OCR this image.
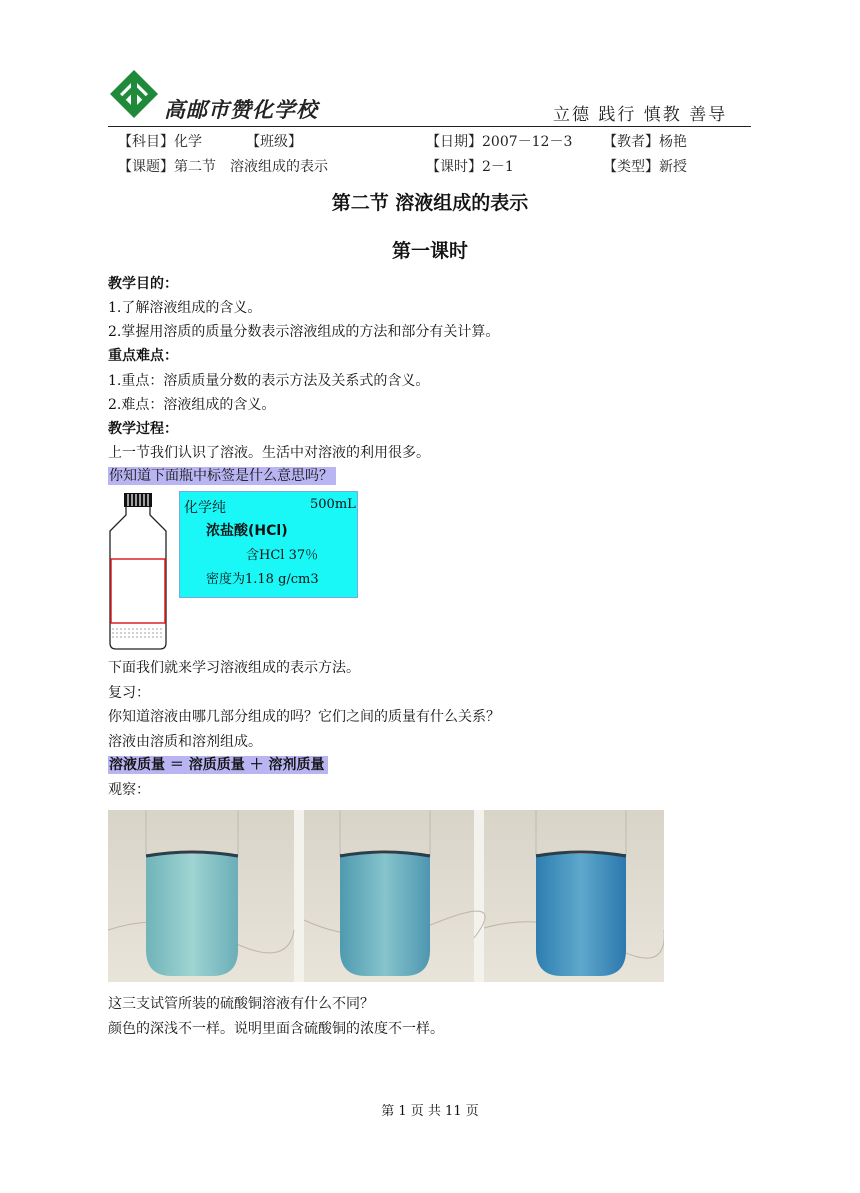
高邮市赞化学校	立德 践行 慎教 善导
【科目】化学	【班级】	【日期】2007－12－3 【教者】杨艳
【课题】第二节　溶液组成的表示	【课时】2－1	【类型】新授
第二节 溶液组成的表示
第一课时
教学目的：
1.了解溶液组成的含义。
2.掌握用溶质的质量分数表示溶液组成的方法和部分有关计算。
重点难点：
1.重点：溶质质量分数的表示方法及关系式的含义。
2.难点：溶液组成的含义。
教学过程：
上一节我们认识了溶液。生活中对溶液的利用很多。
你知道下面瓶中标签是什么意思吗？
化学纯	500mL
浓盐酸(HCl)
含HCl 37％
密度为1.18 g/cm3
下面我们就来学习溶液组成的表示方法。
复习：
你知道溶液由哪几部分组成的吗？它们之间的质量有什么关系？
溶液由溶质和溶剂组成。
溶液质量 ＝ 溶质质量 ＋ 溶剂质量
观察：
这三支试管所装的硫酸铜溶液有什么不同？
颜色的深浅不一样。说明里面含硫酸铜的浓度不一样。
第 1 页 共 11 页
